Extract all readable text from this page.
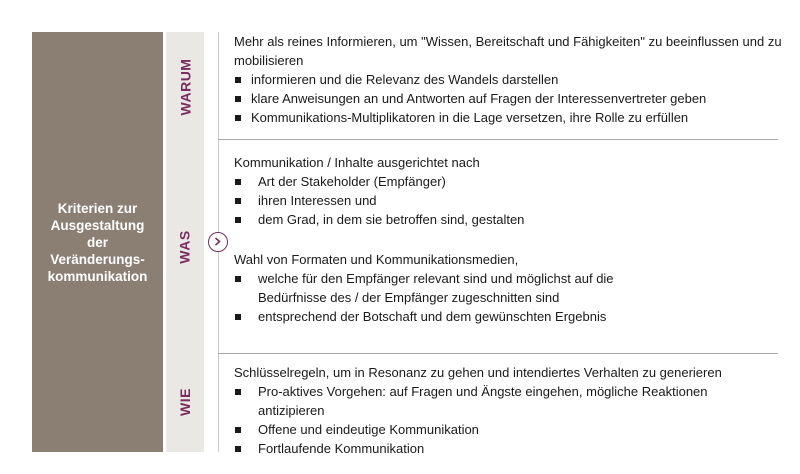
Kriterien zur
Ausgestaltung
der
Veränderungs-
kommunikation
WARUM
WAS
WIE

Mehr als reines Informieren, um "Wissen, Bereitschaft und Fähigkeiten" zu beeinflussen und zu mobilisieren

informieren und die Relevanz des Wandels darstellen
klare Anweisungen an und Antworten auf Fragen der Interessenvertreter geben
Kommunikations-Multiplikatoren in die Lage versetzen, ihre Rolle zu erfüllen

Kommunikation / Inhalte ausgerichtet nach

Art der Stakeholder (Empfänger)
ihren Interessen und
dem Grad, in dem sie betroffen sind, gestalten

Wahl von Formaten und Kommunikationsmedien,

welche für den Empfänger relevant sind und möglichst auf die Bedürfnisse des / der Empfänger zugeschnitten sind
entsprechend der Botschaft und dem gewünschten Ergebnis

Schlüsselregeln, um in Resonanz zu gehen und intendiertes Verhalten zu generieren

Pro-aktives Vorgehen: auf Fragen und Ängste eingehen, mögliche Reaktionen antizipieren
Offene und eindeutige Kommunikation
Fortlaufende Kommunikation
